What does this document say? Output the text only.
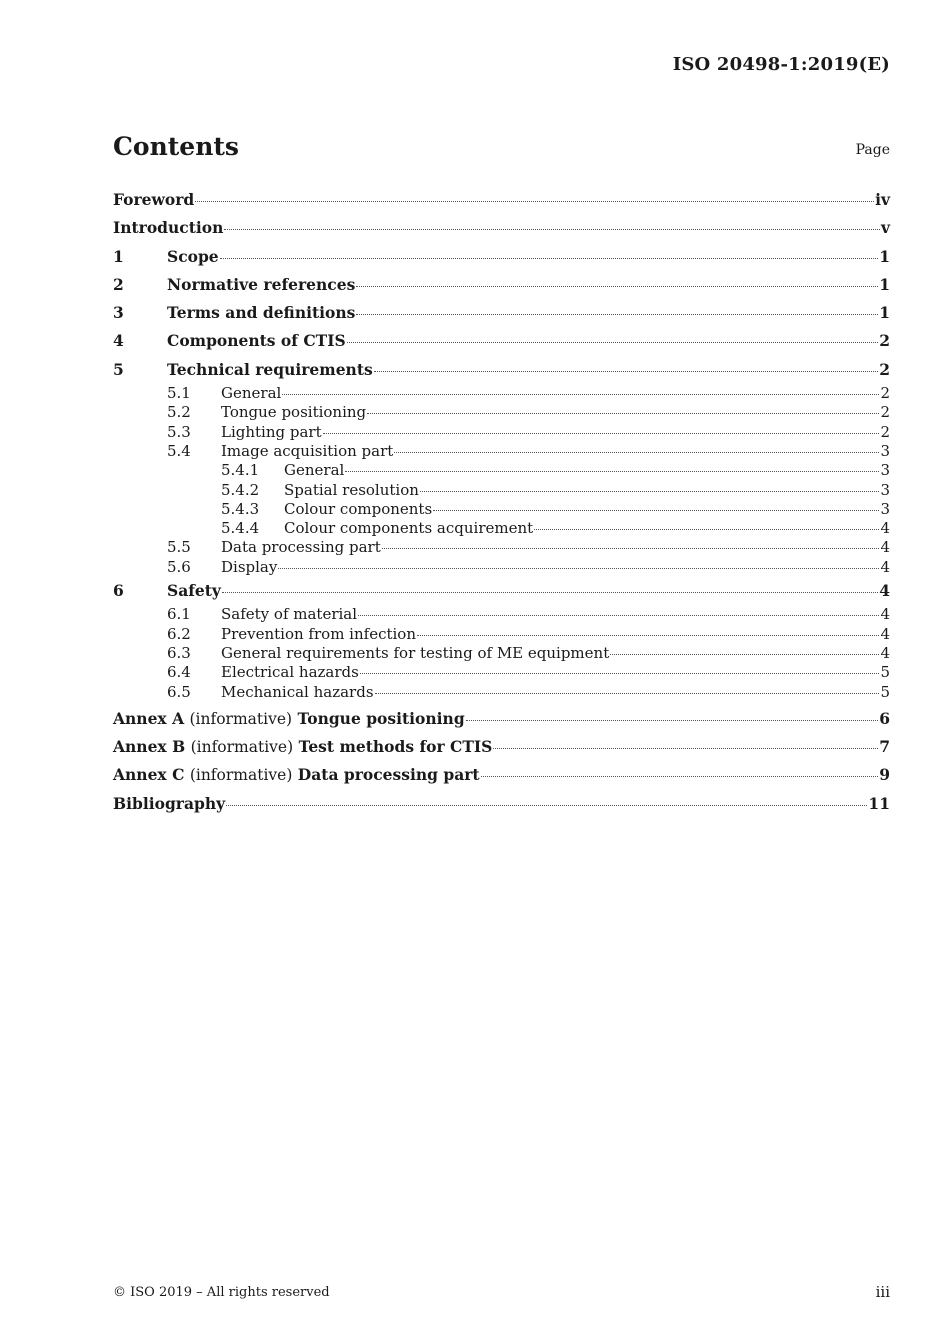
ISO 20498-1:2019(E)
Contents	Page
Foreword	iv
Introduction	v
1	Scope	1
2	Normative references	1
3	Terms and definitions	1
4	Components of CTIS	2
5	Technical requirements	2
5.1	General	2
5.2	Tongue positioning	2
5.3	Lighting part	2
5.4	Image acquisition part	3
5.4.1	General	3
5.4.2	Spatial resolution	3
5.4.3	Colour components	3
5.4.4	Colour components acquirement	4
5.5	Data processing part	4
5.6	Display	4
6	Safety	4
6.1	Safety of material	4
6.2	Prevention from infection	4
6.3	General requirements for testing of ME equipment	4
6.4	Electrical hazards	5
6.5	Mechanical hazards	5
Annex A (informative) Tongue positioning	6
Annex B (informative) Test methods for CTIS	7
Annex C (informative) Data processing part	9
Bibliography	11
© ISO 2019 – All rights reserved	iii
